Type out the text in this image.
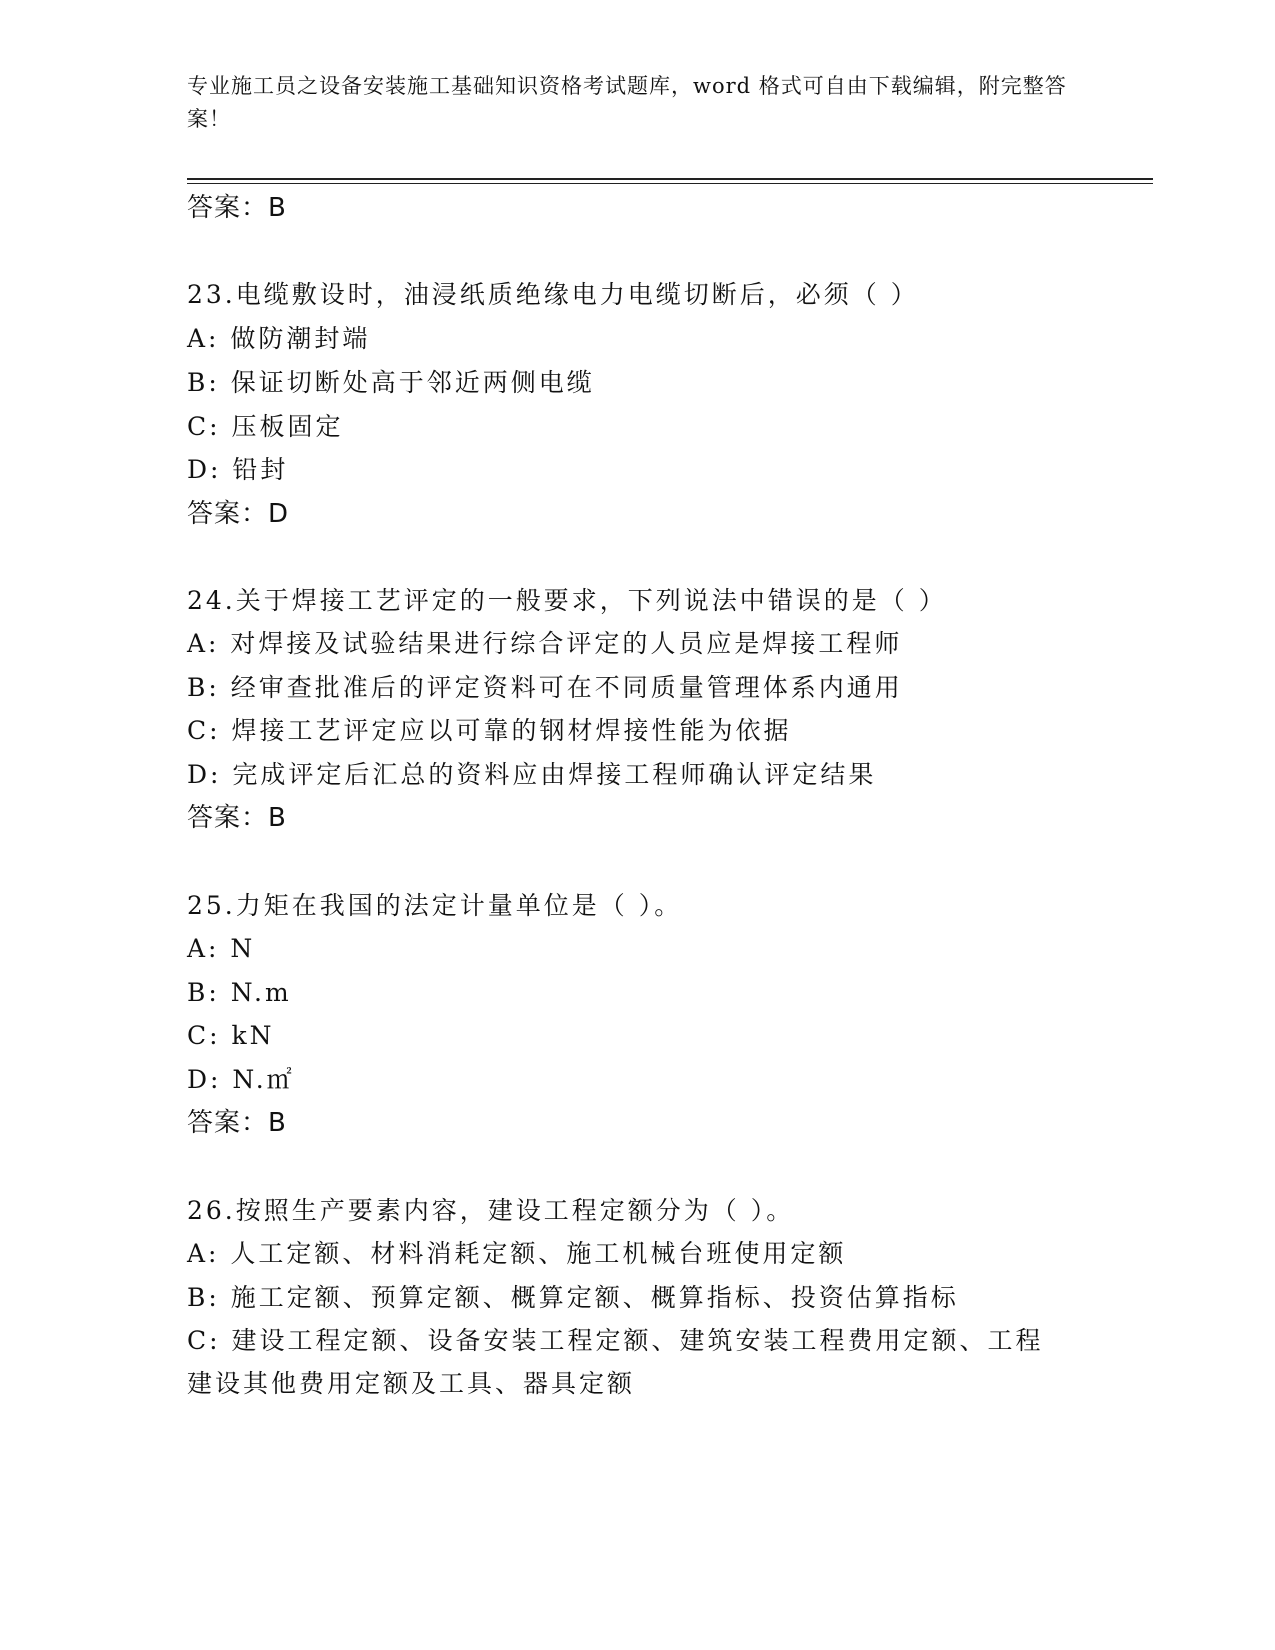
专业施工员之设备安装施工基础知识资格考试题库，word 格式可自由下载编辑，附完整答案！
答案：B
23.电缆敷设时，油浸纸质绝缘电力电缆切断后，必须（ ）
A: 做防潮封端
B: 保证切断处高于邻近两侧电缆
C: 压板固定
D: 铅封
答案：D
24.关于焊接工艺评定的一般要求，下列说法中错误的是（ ）
A: 对焊接及试验结果进行综合评定的人员应是焊接工程师
B: 经审查批准后的评定资料可在不同质量管理体系内通用
C: 焊接工艺评定应以可靠的钢材焊接性能为依据
D: 完成评定后汇总的资料应由焊接工程师确认评定结果
答案：B
25.力矩在我国的法定计量单位是（ ）。
A: N
B: N.m
C: kN
D: N.㎡
答案：B
26.按照生产要素内容，建设工程定额分为（ ）。
A: 人工定额、材料消耗定额、施工机械台班使用定额
B: 施工定额、预算定额、概算定额、概算指标、投资估算指标
C: 建设工程定额、设备安装工程定额、建筑安装工程费用定额、工程
建设其他费用定额及工具、器具定额
